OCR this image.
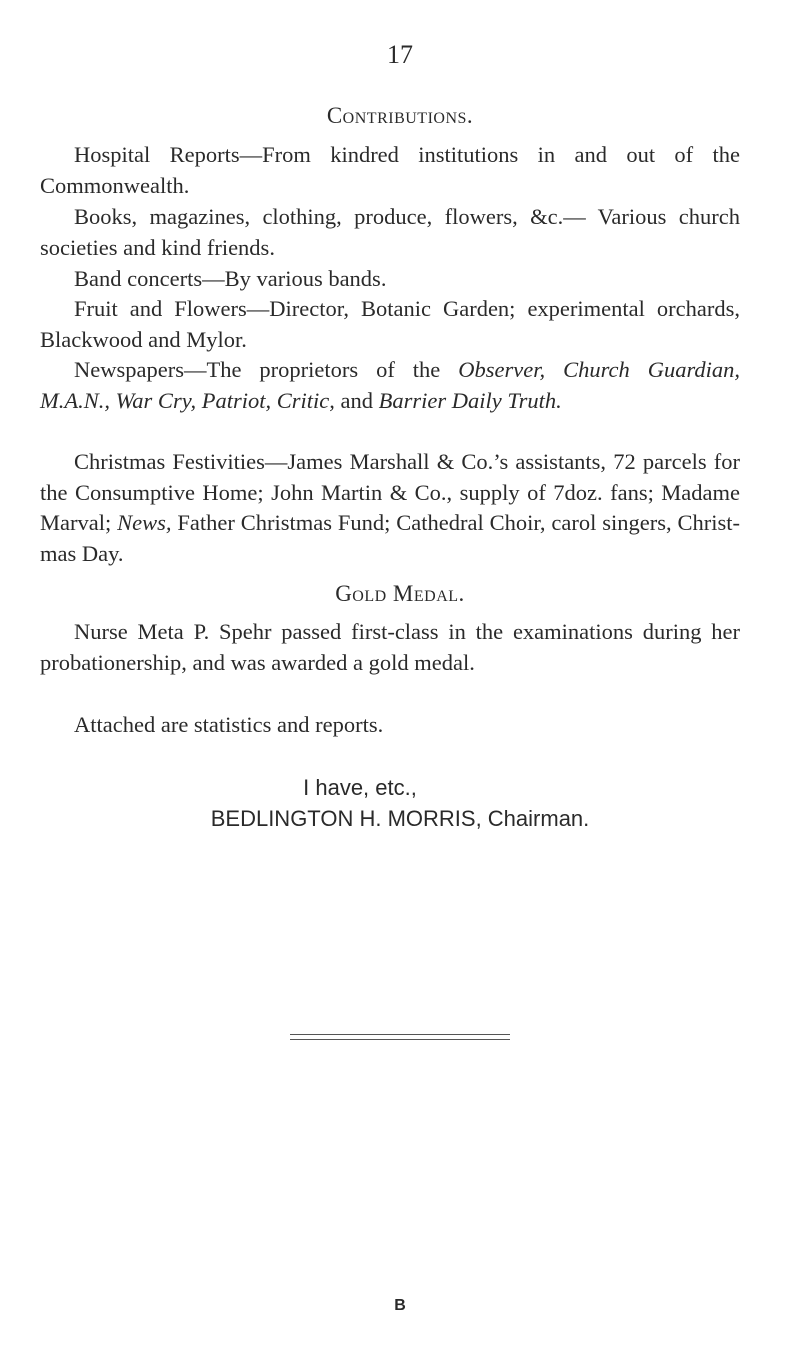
17
Contributions.
Hospital Reports—From kindred institutions in and out of the Commonwealth.
Books, magazines, clothing, produce, flowers, &c.— Various church societies and kind friends.
Band concerts—By various bands.
Fruit and Flowers—Director, Botanic Garden; experimental orchards, Blackwood and Mylor.
Newspapers—The proprietors of the Observer, Church Guardian, M.A.N., War Cry, Patriot, Critic, and Barrier Daily Truth.
Christmas Festivities—James Marshall & Co.’s assistants, 72 parcels for the Consumptive Home; John Martin & Co., supply of 7doz. fans; Madame Marval; News, Father Christmas Fund; Cathedral Choir, carol singers, Christmas Day.
Gold Medal.
Nurse Meta P. Spehr passed first-class in the examinations during her probationership, and was awarded a gold medal.
Attached are statistics and reports.
I have, etc.,
BEDLINGTON H. MORRIS, Chairman.
B
